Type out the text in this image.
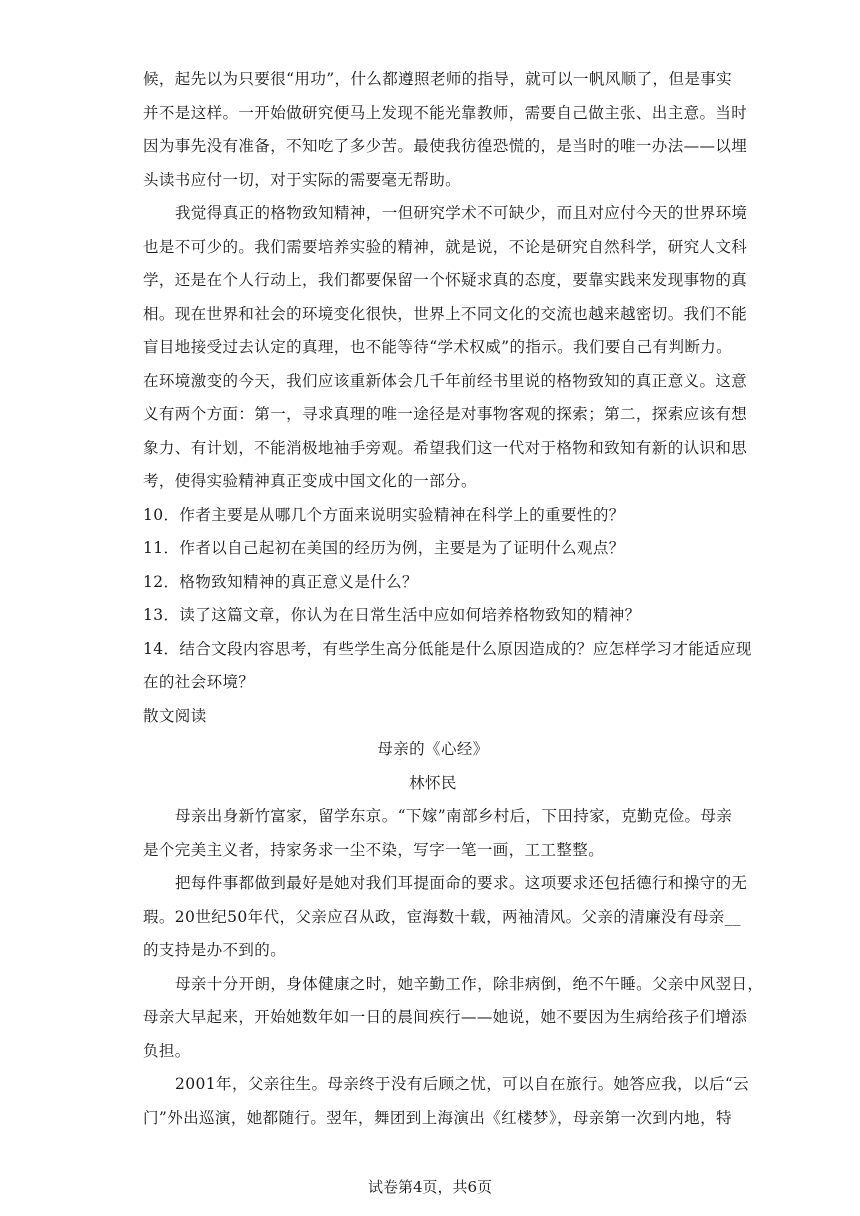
候，起先以为只要很“用功”，什么都遵照老师的指导，就可以一帆风顺了，但是事实
并不是这样。一开始做研究便马上发现不能光靠教师，需要自己做主张、出主意。当时
因为事先没有准备，不知吃了多少苦。最使我彷徨恐慌的，是当时的唯一办法——以埋
头读书应付一切，对于实际的需要毫无帮助。
我觉得真正的格物致知精神，一但研究学术不可缺少，而且对应付今天的世界环境
也是不可少的。我们需要培养实验的精神，就是说，不论是研究自然科学，研究人文科
学，还是在个人行动上，我们都要保留一个怀疑求真的态度，要靠实践来发现事物的真
相。现在世界和社会的环境变化很快，世界上不同文化的交流也越来越密切。我们不能
盲目地接受过去认定的真理，也不能等待“学术权威”的指示。我们要自己有判断力。
在环境激变的今天，我们应该重新体会几千年前经书里说的格物致知的真正意义。这意
义有两个方面：第一，寻求真理的唯一途径是对事物客观的探索；第二，探索应该有想
象力、有计划，不能消极地袖手旁观。希望我们这一代对于格物和致知有新的认识和思
考，使得实验精神真正变成中国文化的一部分。
10．作者主要是从哪几个方面来说明实验精神在科学上的重要性的？
11．作者以自己起初在美国的经历为例，主要是为了证明什么观点？
12．格物致知精神的真正意义是什么？
13．读了这篇文章，你认为在日常生活中应如何培养格物致知的精神？
14．结合文段内容思考，有些学生高分低能是什么原因造成的？应怎样学习才能适应现
在的社会环境？
散文阅读
母亲的《心经》
林怀民
母亲出身新竹富家，留学东京。“下嫁”南部乡村后，下田持家，克勤克俭。母亲
是个完美主义者，持家务求一尘不染，写字一笔一画，工工整整。
把每件事都做到最好是她对我们耳提面命的要求。这项要求还包括德行和操守的无
瑕。20世纪50年代，父亲应召从政，宦海数十载，两袖清风。父亲的清廉没有母亲__
的支持是办不到的。
母亲十分开朗，身体健康之时，她辛勤工作，除非病倒，绝不午睡。父亲中风翌日，
母亲大早起来，开始她数年如一日的晨间疾行——她说，她不要因为生病给孩子们增添
负担。
2001年，父亲往生。母亲终于没有后顾之忧，可以自在旅行。她答应我，以后“云
门”外出巡演，她都随行。翌年，舞团到上海演出《红楼梦》，母亲第一次到内地，特
试卷第4页，共6页
